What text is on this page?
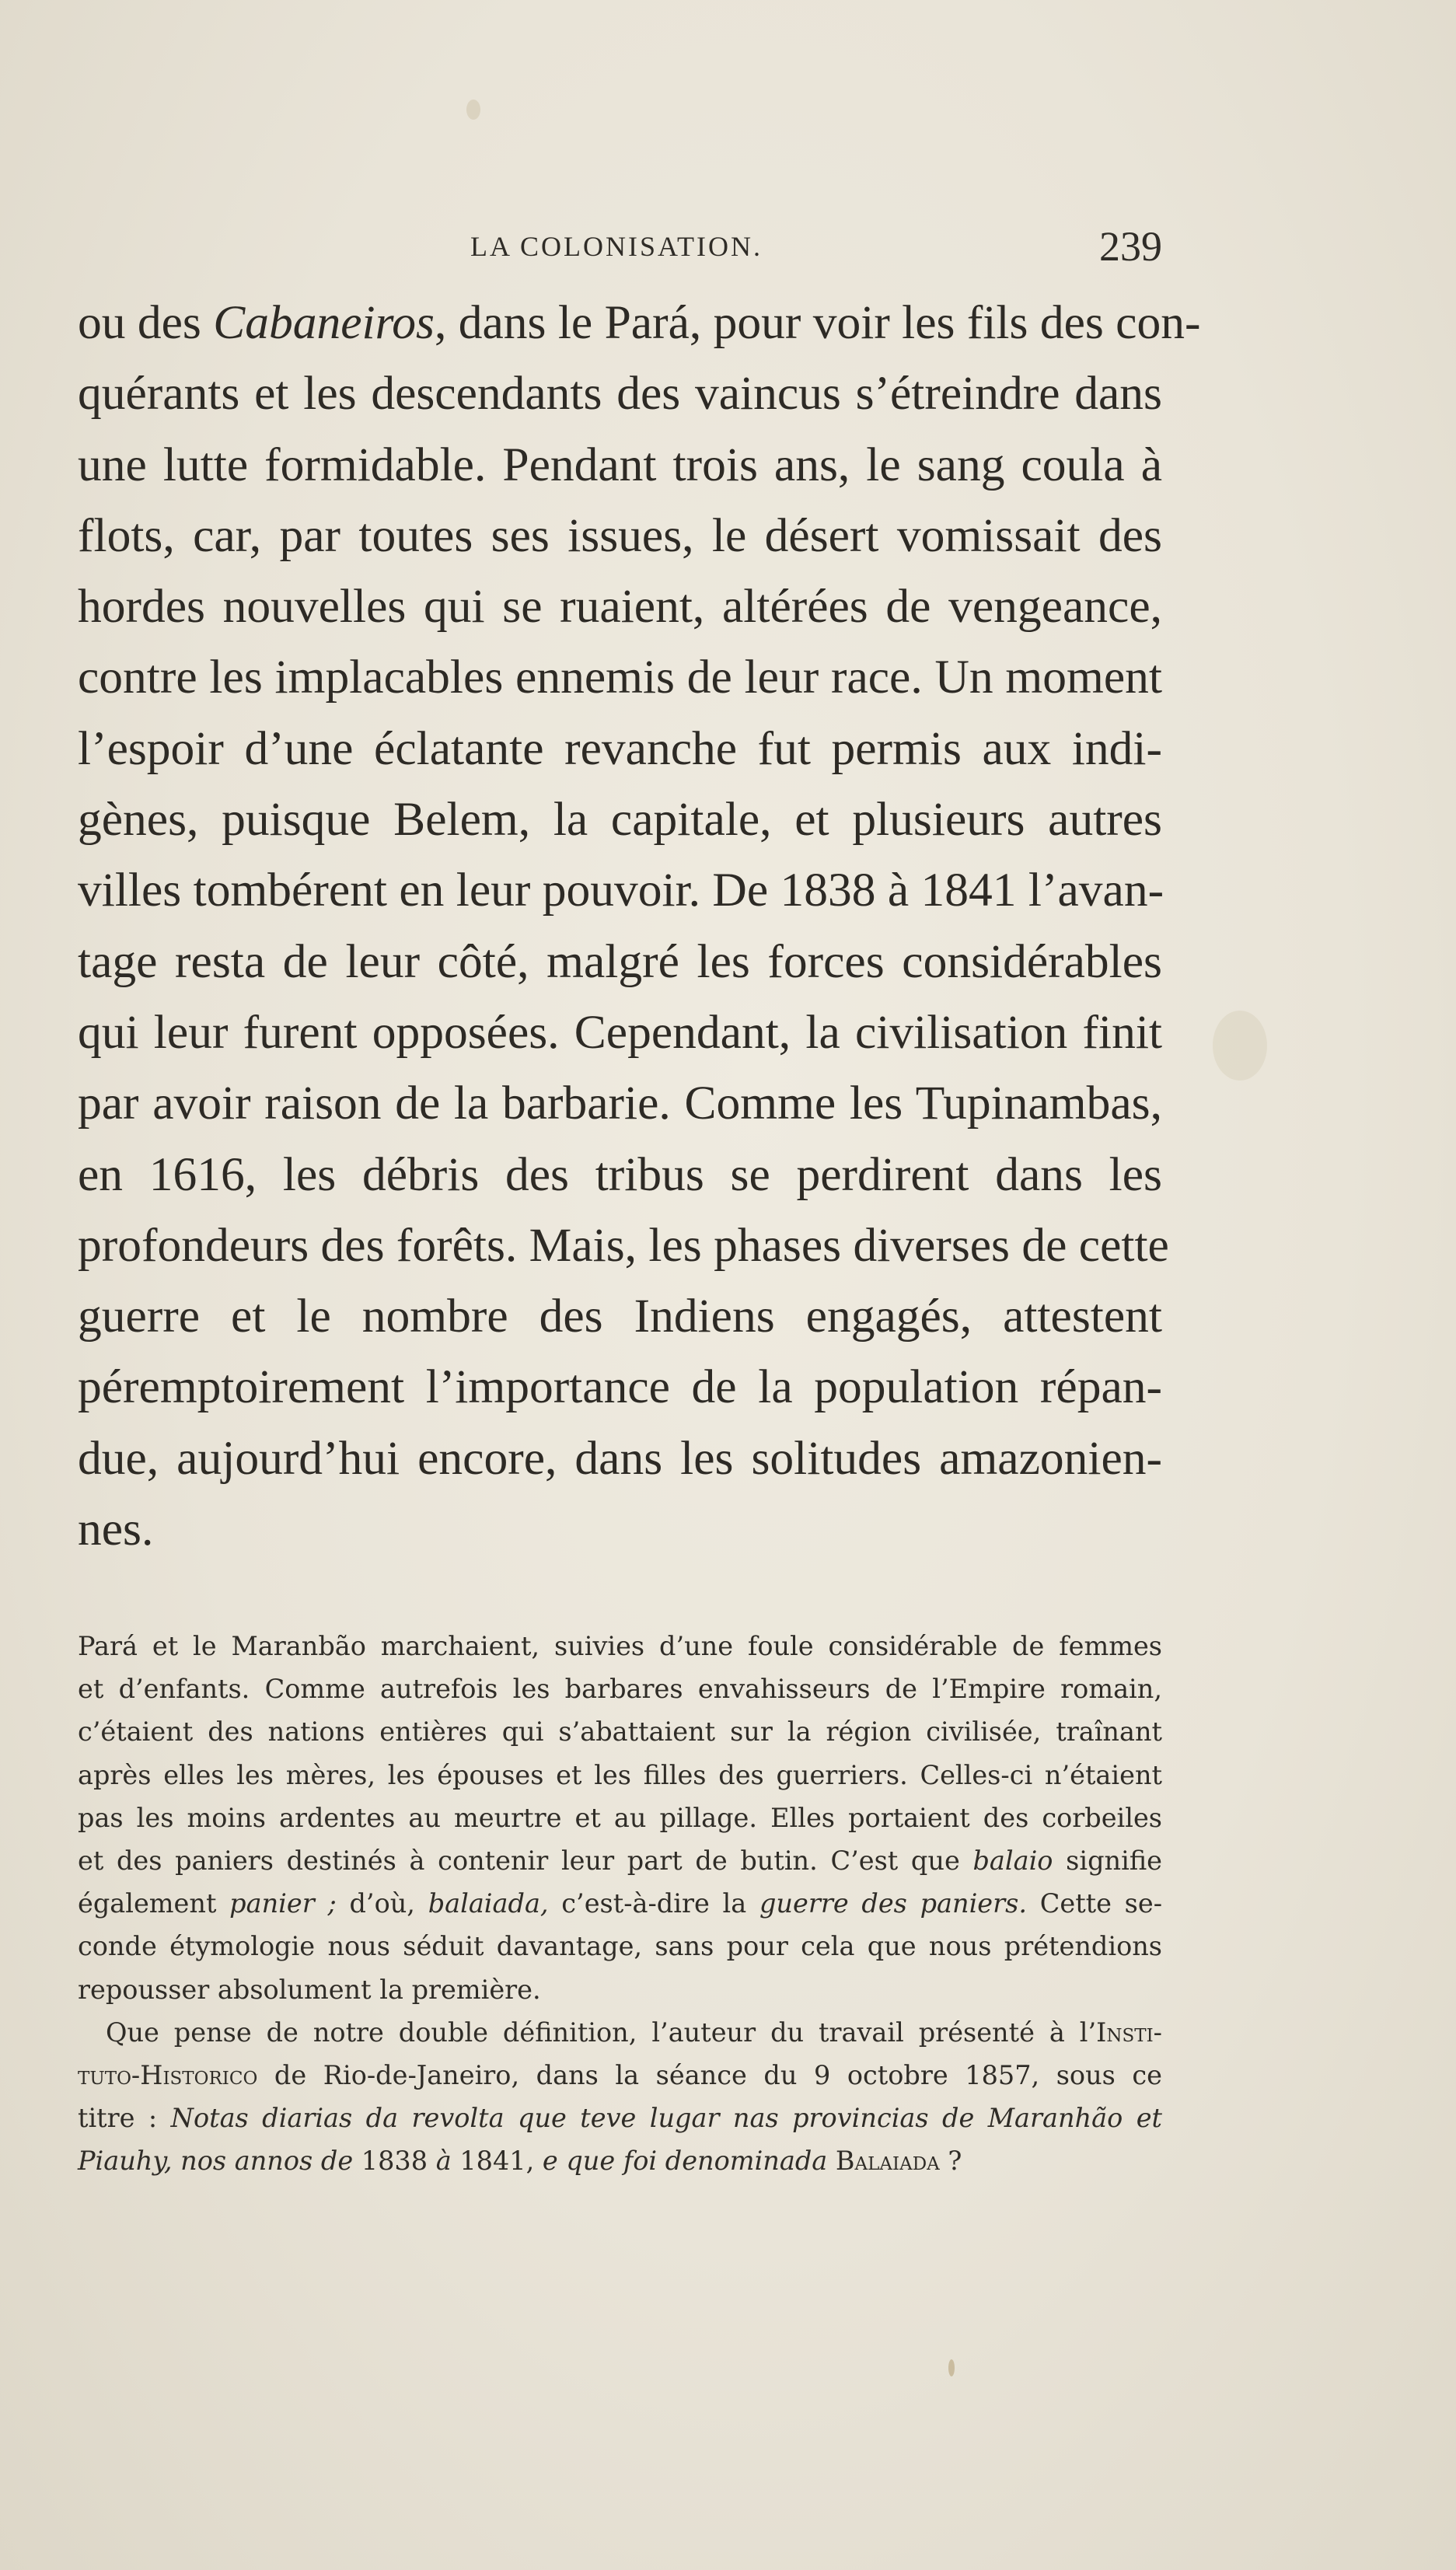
LA COLONISATION.	239
ou des Cabaneiros, dans le Pará, pour voir les fils des con-
quérants et les descendants des vaincus s’étreindre dans
une lutte formidable. Pendant trois ans, le sang coula à
flots, car, par toutes ses issues, le désert vomissait des
hordes nouvelles qui se ruaient, altérées de vengeance,
contre les implacables ennemis de leur race. Un moment
l’espoir d’une éclatante revanche fut permis aux indi-
gènes, puisque Belem, la capitale, et plusieurs autres
villes tombérent en leur pouvoir. De 1838 à 1841 l’avan-
tage resta de leur côté, malgré les forces considérables
qui leur furent opposées. Cependant, la civilisation finit
par avoir raison de la barbarie. Comme les Tupinambas,
en 1616, les débris des tribus se perdirent dans les
profondeurs des forêts. Mais, les phases diverses de cette
guerre et le nombre des Indiens engagés, attestent
péremptoirement l’importance de la population répan-
due, aujourd’hui encore, dans les solitudes amazonien-
nes.
Pará et le Maranbão marchaient, suivies d’une foule considérable de femmes
et d’enfants. Comme autrefois les barbares envahisseurs de l’Empire romain,
c’étaient des nations entières qui s’abattaient sur la région civilisée, traînant
après elles les mères, les épouses et les filles des guerriers. Celles-ci n’étaient
pas les moins ardentes au meurtre et au pillage. Elles portaient des corbeiles
et des paniers destinés à contenir leur part de butin. C’est que balaio signifie
également panier ; d’où, balaiada, c’est-à-dire la guerre des paniers. Cette se-
conde étymologie nous séduit davantage, sans pour cela que nous prétendions
repousser absolument la première.
Que pense de notre double définition, l’auteur du travail présenté à l’Insti-
tuto-Historico de Rio-de-Janeiro, dans la séance du 9 octobre 1857, sous ce
titre : Notas diarias da revolta que teve lugar nas provincias de Maranhão et
Piauhy, nos annos de 1838 à 1841, e que foi denominada Balaiada ?
